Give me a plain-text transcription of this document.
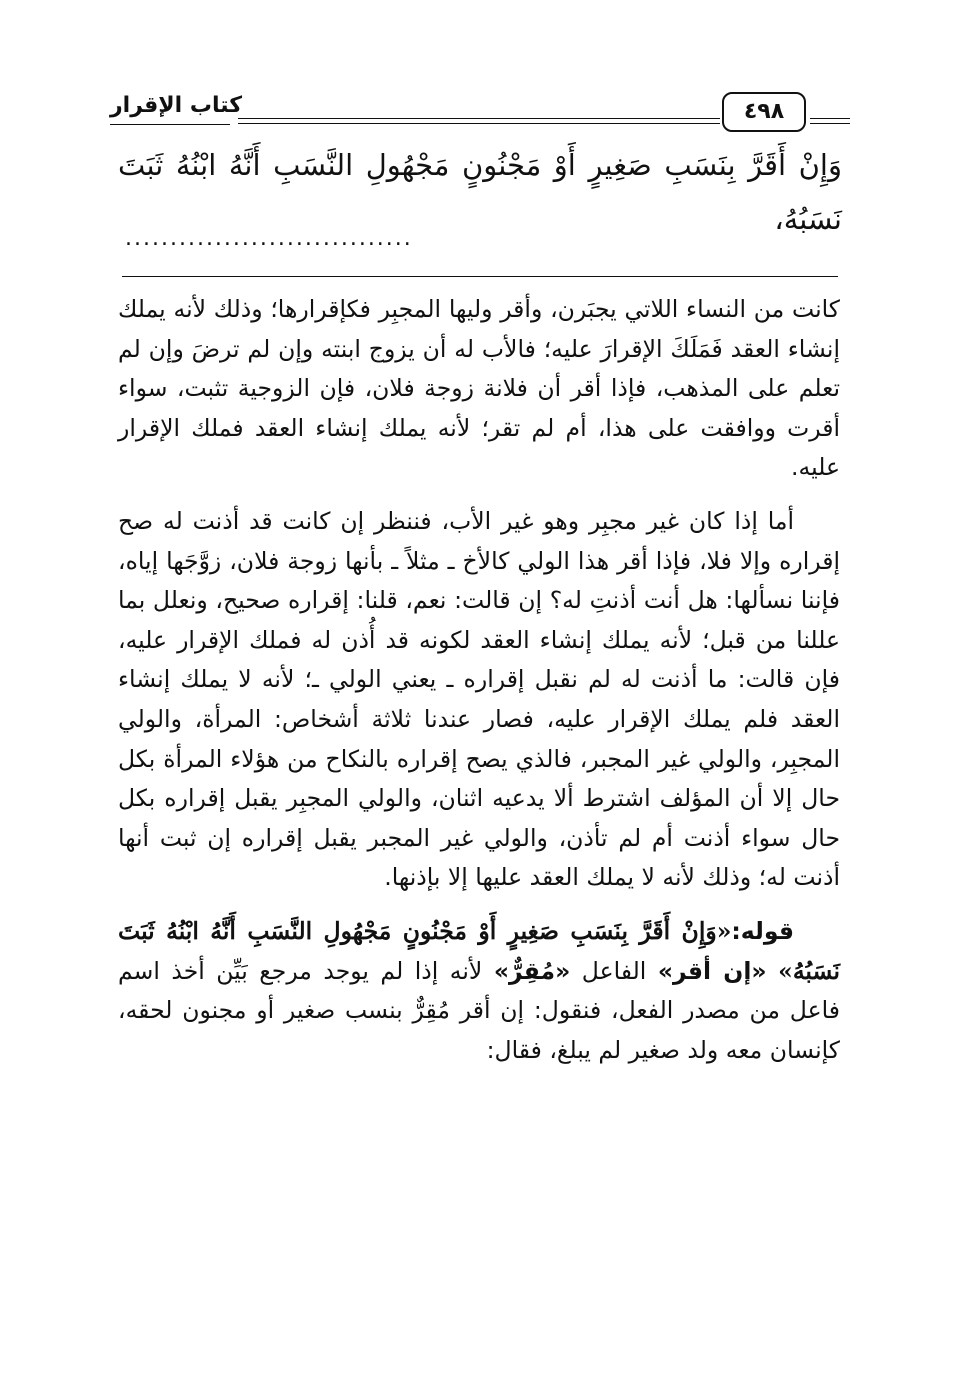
كتاب الإقرار	٤٩٨
وَإِنْ أَقَرَّ بِنَسَبِ صَغِيرٍ أَوْ مَجْنُونٍ مَجْهُولِ النَّسَبِ أَنَّهُ ابْنُهُ ثَبَتَ نَسَبُهُ،
................................

كانت من النساء اللاتي يجبَرن، وأقر وليها المجبِر فكإقرارها؛ وذلك لأنه يملك إنشاء العقد فَمَلَكَ الإقرارَ عليه؛ فالأب له أن يزوج ابنته وإن لم ترضَ وإن لم تعلم على المذهب، فإذا أقر أن فلانة زوجة فلان، فإن الزوجية تثبت، سواء أقرت ووافقت على هذا، أم لم تقر؛ لأنه يملك إنشاء العقد فملك الإقرار عليه.

أما إذا كان غير مجبِر وهو غير الأب، فننظر إن كانت قد أذنت له صح إقراره وإلا فلا، فإذا أقر هذا الولي كالأخ ـ مثلاً ـ بأنها زوجة فلان، زوَّجَها إياه، فإننا نسألها: هل أنت أذنتِ له؟ إن قالت: نعم، قلنا: إقراره صحيح، ونعلل بما عللنا من قبل؛ لأنه يملك إنشاء العقد لكونه قد أُذن له فملك الإقرار عليه، فإن قالت: ما أذنت له لم نقبل إقراره ـ يعني الولي ـ؛ لأنه لا يملك إنشاء العقد فلم يملك الإقرار عليه، فصار عندنا ثلاثة أشخاص: المرأة، والولي المجبِر، والولي غير المجبر، فالذي يصح إقراره بالنكاح من هؤلاء المرأة بكل حال إلا أن المؤلف اشترط ألا يدعيه اثنان، والولي المجبِر يقبل إقراره بكل حال سواء أذنت أم لم تأذن، والولي غير المجبر يقبل إقراره إن ثبت أنها أذنت له؛ وذلك لأنه لا يملك العقد عليها إلا بإذنها.

قوله:«وَإِنْ أَقَرَّ بِنَسَبِ صَغِيرٍ أَوْ مَجْنُونٍ مَجْهُولِ النَّسَبِ أَنَّهُ ابْنُهُ ثَبَتَ نَسَبُهُ» «إن أقر» الفاعل «مُقِرٌّ» لأنه إذا لم يوجد مرجع بَيِّن أخذ اسم فاعل من مصدر الفعل، فنقول: إن أقر مُقِرٌّ بنسب صغير أو مجنون لحقه، كإنسان معه ولد صغير لم يبلغ، فقال:
